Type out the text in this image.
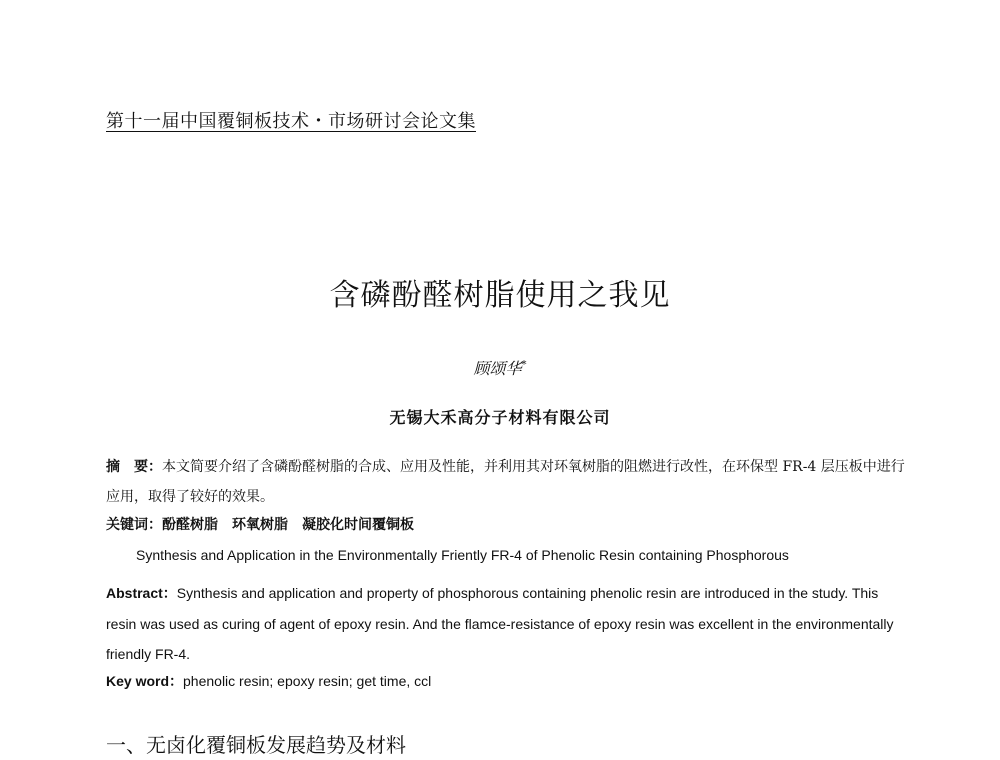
第十一届中国覆铜板技术・市场研讨会论文集
含磷酚醛树脂使用之我见
顾颂华*
无锡大禾高分子材料有限公司
摘　要：本文简要介绍了含磷酚醛树脂的合成、应用及性能，并利用其对环氧树脂的阻燃进行改性，在环保型 FR-4 层压板中进行应用，取得了较好的效果。
关键词：酚醛树脂　环氧树脂　凝胶化时间覆铜板
Synthesis and Application in the Environmentally Friently FR-4 of Phenolic Resin containing Phosphorous
Abstract：Synthesis and application and property of phosphorous containing phenolic resin are introduced in the study. This resin was used as curing of agent of epoxy resin. And the flamce-resistance of epoxy resin was excellent in the environmentally friendly FR-4.
Key word：phenolic resin; epoxy resin; get time, ccl
一、无卤化覆铜板发展趋势及材料
